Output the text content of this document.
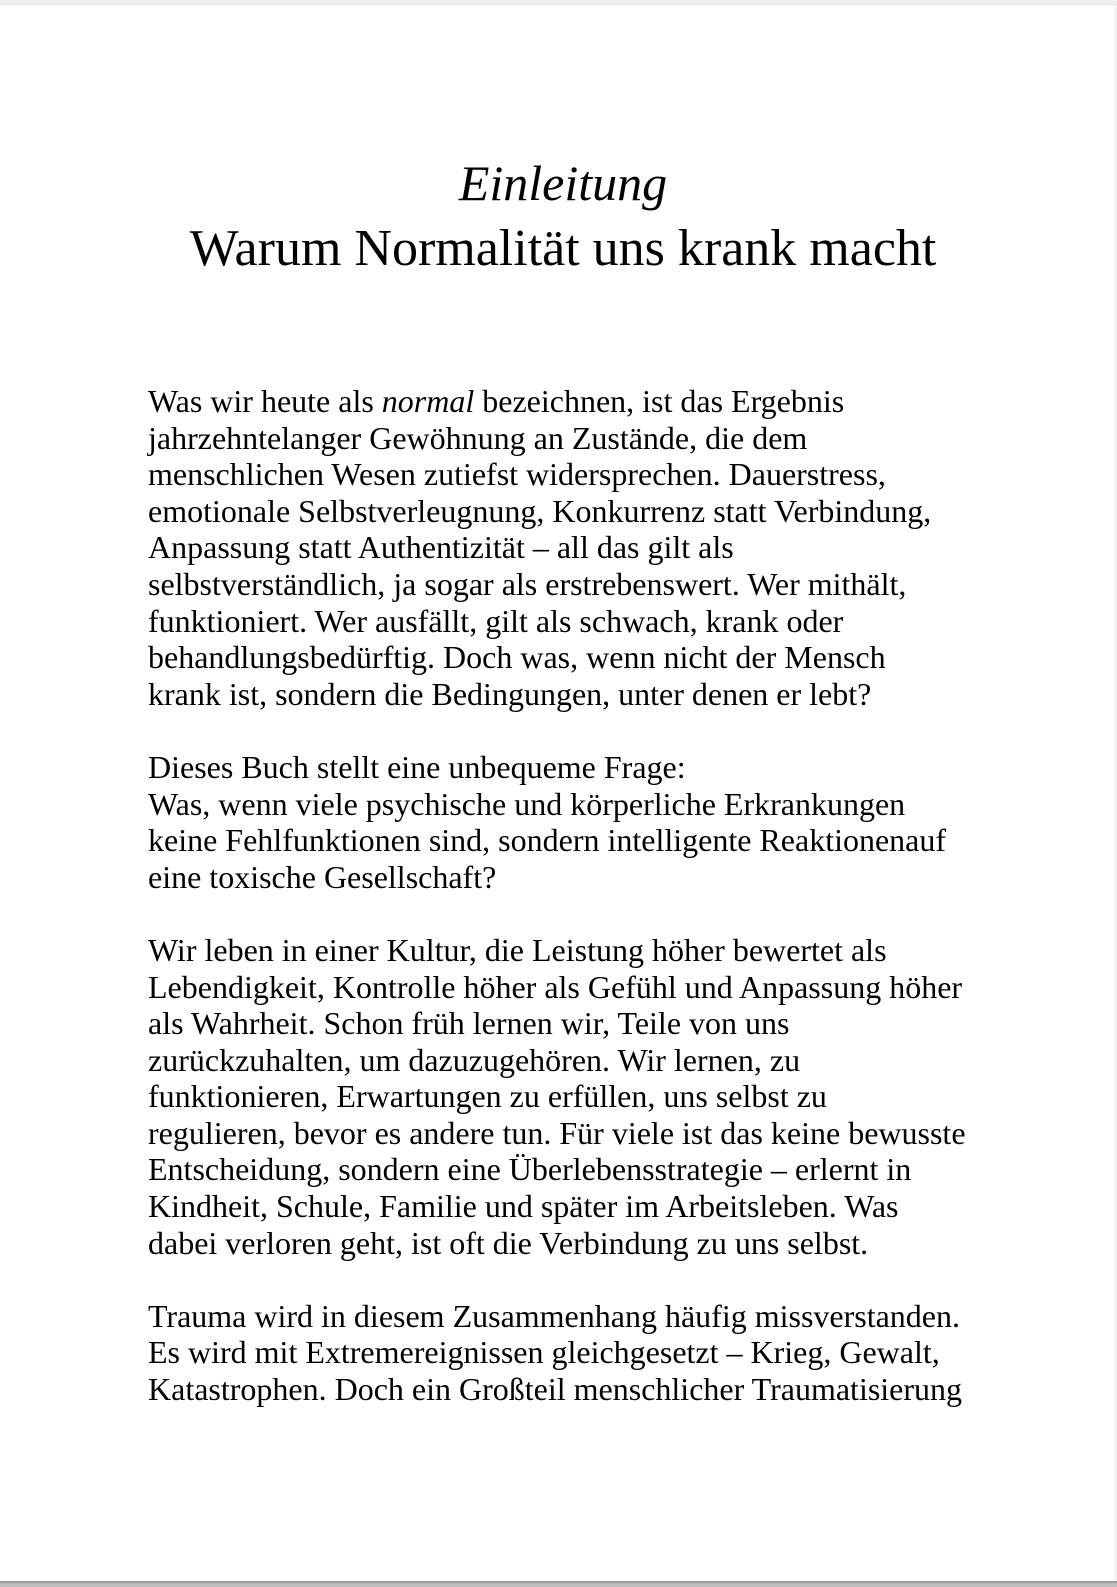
Einleitung
Warum Normalität uns krank macht

Was wir heute als normal bezeichnen, ist das Ergebnis
jahrzehntelanger Gewöhnung an Zustände, die dem
menschlichen Wesen zutiefst widersprechen. Dauerstress,
emotionale Selbstverleugnung, Konkurrenz statt Verbindung,
Anpassung statt Authentizität – all das gilt als
selbstverständlich, ja sogar als erstrebenswert. Wer mithält,
funktioniert. Wer ausfällt, gilt als schwach, krank oder
behandlungsbedürftig. Doch was, wenn nicht der Mensch
krank ist, sondern die Bedingungen, unter denen er lebt?

Dieses Buch stellt eine unbequeme Frage:
Was, wenn viele psychische und körperliche Erkrankungen
keine Fehlfunktionen sind, sondern intelligente Reaktionenauf
eine toxische Gesellschaft?

Wir leben in einer Kultur, die Leistung höher bewertet als
Lebendigkeit, Kontrolle höher als Gefühl und Anpassung höher
als Wahrheit. Schon früh lernen wir, Teile von uns
zurückzuhalten, um dazuzugehören. Wir lernen, zu
funktionieren, Erwartungen zu erfüllen, uns selbst zu
regulieren, bevor es andere tun. Für viele ist das keine bewusste
Entscheidung, sondern eine Überlebensstrategie – erlernt in
Kindheit, Schule, Familie und später im Arbeitsleben. Was
dabei verloren geht, ist oft die Verbindung zu uns selbst.

Trauma wird in diesem Zusammenhang häufig missverstanden.
Es wird mit Extremereignissen gleichgesetzt – Krieg, Gewalt,
Katastrophen. Doch ein Großteil menschlicher Traumatisierung
